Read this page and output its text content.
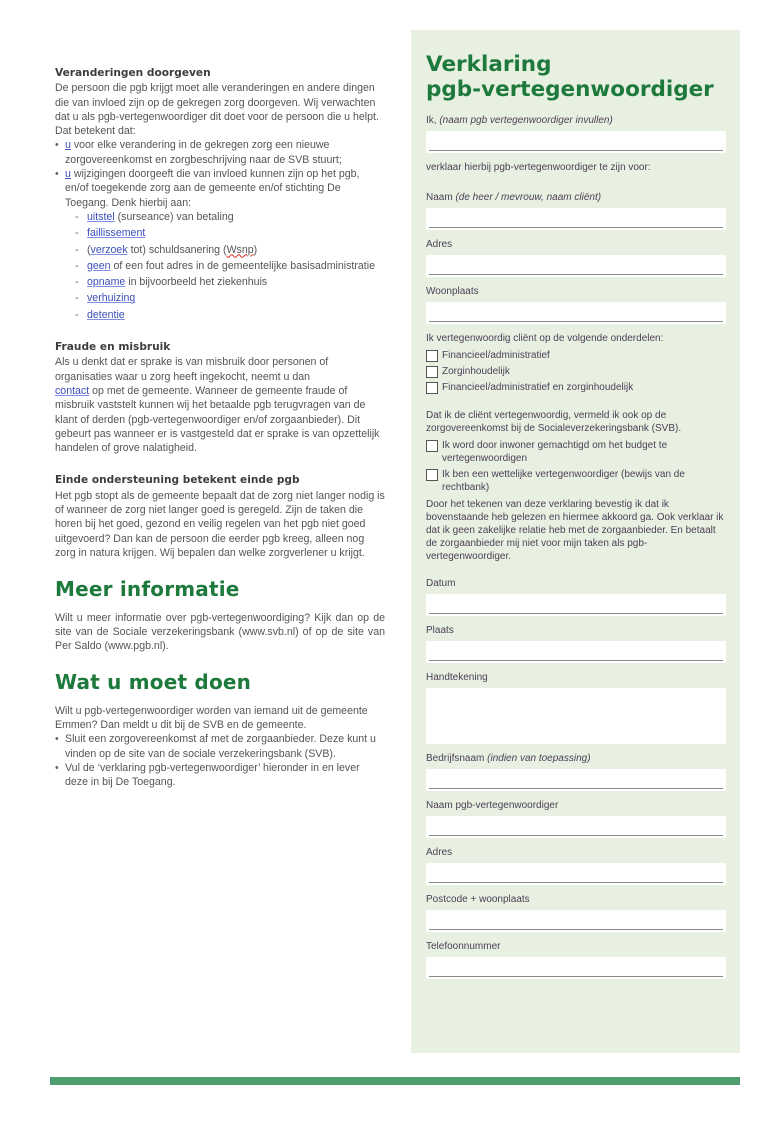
Veranderingen doorgeven

De persoon die pgb krijgt moet alle veranderingen en andere dingen die van invloed zijn op de gekregen zorg doorgeven. Wij verwachten dat u als pgb-vertegenwoordiger dit doet voor de persoon die u helpt. Dat betekent dat:

• u voor elke verandering in de gekregen zorg een nieuwe zorgovereenkomst en zorgbeschrijving naar de SVB stuurt;
• u wijzigingen doorgeeft die van invloed kunnen zijn op het pgb, en/of toegekende zorg aan de gemeente en/of stichting De Toegang. Denk hierbij aan:
- uitstel (surseance) van betaling
- faillissement
- (verzoek tot) schuldsanering (Wsnp)
- geen of een fout adres in de gemeentelijke basisadministratie
- opname in bijvoorbeeld het ziekenhuis
- verhuizing
- detentie
Fraude en misbruik

Als u denkt dat er sprake is van misbruik door personen of organisaties waar u zorg heeft ingekocht, neemt u dan
contact op met de gemeente. Wanneer de gemeente fraude of misbruik vaststelt kunnen wij het betaalde pgb terugvragen van de klant of derden (pgb-vertegenwoordiger en/of zorgaanbieder). Dit gebeurt pas wanneer er is vastgesteld dat er sprake is van opzettelijk handelen of grove nalatigheid.

Einde ondersteuning betekent einde pgb

Het pgb stopt als de gemeente bepaalt dat de zorg niet langer nodig is of wanneer de zorg niet langer goed is geregeld. Zijn de taken die horen bij het goed, gezond en veilig regelen van het pgb niet goed uitgevoerd? Dan kan de persoon die eerder pgb kreeg, alleen nog zorg in natura krijgen. Wij bepalen dan welke zorgverlener u krijgt.

Meer informatie

Wilt u meer informatie over pgb-vertegenwoordiging? Kijk dan op de site van de Sociale verzekeringsbank (www.svb.nl) of op de site van Per Saldo (www.pgb.nl).

Wat u moet doen

Wilt u pgb-vertegenwoordiger worden van iemand uit de gemeente Emmen? Dan meldt u dit bij de SVB en de gemeente.

• Sluit een zorgovereenkomst af met de zorgaanbieder. Deze kunt u vinden op de site van de sociale verzekeringsbank (SVB).
• Vul de ‘verklaring pgb-vertegenwoordiger’ hieronder in en lever deze in bij De Toegang.
Verklaring
pgb-vertegenwoordiger
Ik, (naam pgb vertegenwoordiger invullen)
verklaar hierbij pgb-vertegenwoordiger te zijn voor:
Naam (de heer / mevrouw, naam cliënt)
Adres
Woonplaats
Ik vertegenwoordig cliënt op de volgende onderdelen:
Financieel/administratief
Zorginhoudelijk
Financieel/administratief en zorginhoudelijk
Dat ik de cliënt vertegenwoordig, vermeld ik ook op de zorgovereenkomst bij de Socialeverzekeringsbank (SVB).
Ik word door inwoner gemachtigd om het budget te vertegenwoordigen
Ik ben een wettelijke vertegenwoordiger (bewijs van de rechtbank)
Door het tekenen van deze verklaring bevestig ik dat ik bovenstaande heb gelezen en hiermee akkoord ga. Ook verklaar ik dat ik geen zakelijke relatie heb met de zorgaanbieder. En betaalt de zorgaanbieder mij niet voor mijn taken als pgb-vertegenwoordiger.
Datum
Plaats
Handtekening
Bedrijfsnaam (indien van toepassing)
Naam pgb-vertegenwoordiger
Adres
Postcode + woonplaats
Telefoonnummer
